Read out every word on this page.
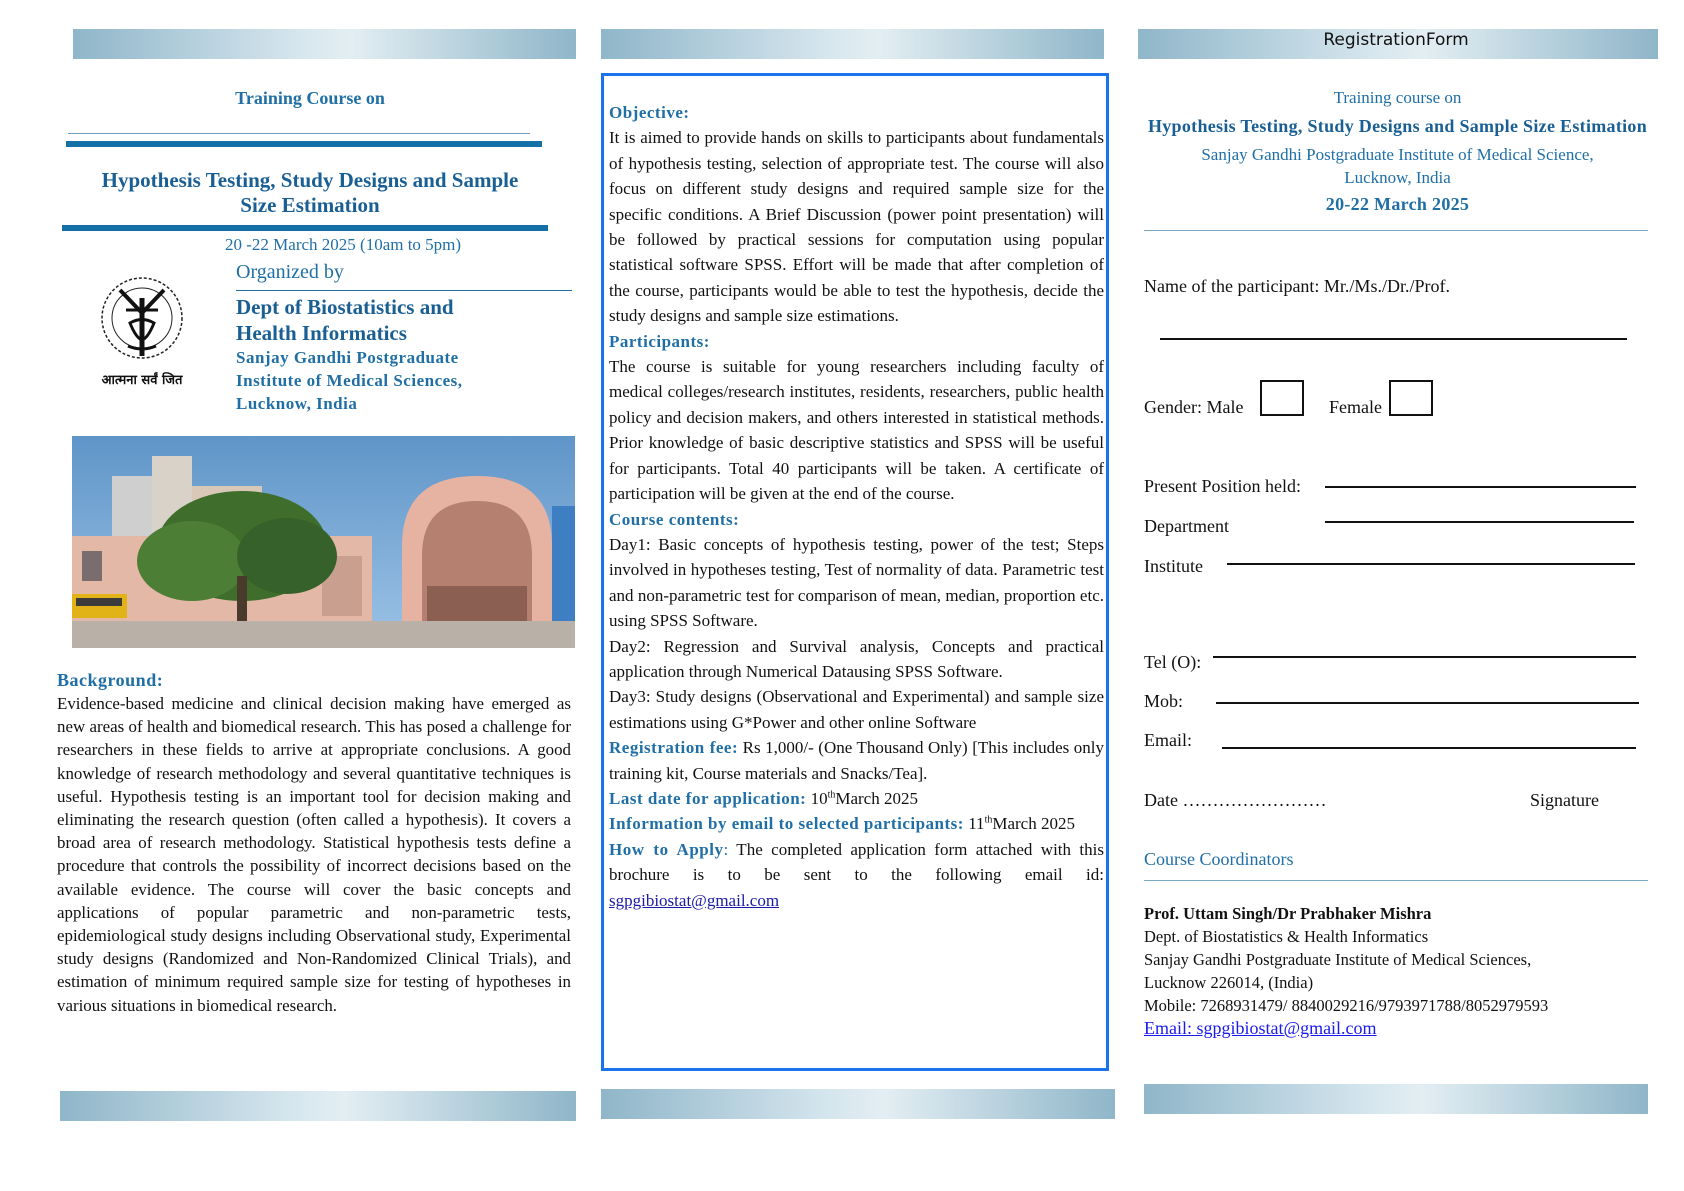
Training Course on
Hypothesis Testing, Study Designs and Sample
Size Estimation
20 -22 March 2025 (10am to 5pm)
Organized by
Dept of Biostatistics and
Health Informatics
Sanjay Gandhi Postgraduate
Institute of Medical Sciences,
Lucknow, India
आत्मना सर्वं जित
Background:
Evidence-based medicine and clinical decision making have emerged as new areas of health and biomedical research. This has posed a challenge for researchers in these fields to arrive at appropriate conclusions. A good knowledge of research methodology and several quantitative techniques is useful. Hypothesis testing is an important tool for decision making and eliminating the research question (often called a hypothesis). It covers a broad area of research methodology. Statistical hypothesis tests define a procedure that controls the possibility of incorrect decisions based on the available evidence. The course will cover the basic concepts and applications of popular parametric and non-parametric tests, epidemiological study designs including Observational study, Experimental study designs (Randomized and Non-Randomized Clinical Trials), and estimation of minimum required sample size for testing of hypotheses in various situations in biomedical research.

Objective:

It is aimed to provide hands on skills to participants about fundamentals of hypothesis testing, selection of appropriate test. The course will also focus on different study designs and required sample size for the specific conditions. A Brief Discussion (power point presentation) will be followed by practical sessions for computation using popular statistical software SPSS. Effort will be made that after completion of the course, participants would be able to test the hypothesis, decide the study designs and sample size estimations.

Participants:

The course is suitable for young researchers including faculty of medical colleges/research institutes, residents, researchers, public health policy and decision makers, and others interested in statistical methods. Prior knowledge of basic descriptive statistics and SPSS will be useful for participants. Total 40 participants will be taken. A certificate of participation will be given at the end of the course.

Course contents:

Day1: Basic concepts of hypothesis testing, power of the test; Steps involved in hypotheses testing, Test of normality of data. Parametric test and non-parametric test for comparison of mean, median, proportion etc. using SPSS Software.

Day2: Regression and Survival analysis, Concepts and practical application through Numerical Datausing SPSS Software.

Day3: Study designs (Observational and Experimental) and sample size estimations using G*Power and other online Software

Registration fee: Rs 1,000/- (One Thousand Only) [This includes only training kit, Course materials and Snacks/Tea].

Last date for application: 10thMarch 2025

Information by email to selected participants: 11thMarch 2025

How to Apply: The completed application form attached with this brochure is to be sent to the following email id: sgpgibiostat@gmail.com

RegistrationForm
Training course on
Hypothesis Testing, Study Designs and Sample Size Estimation
Sanjay Gandhi Postgraduate Institute of Medical Science,
Lucknow, India
20-22 March 2025
Name of the participant: Mr./Ms./Dr./Prof.
Gender: Male	Female
Present Position held:
Department
Institute
Tel (O):
Mob:
Email:
Date ……………………	Signature
Course Coordinators
Prof. Uttam Singh/Dr Prabhaker Mishra
Dept. of Biostatistics & Health Informatics
Sanjay Gandhi Postgraduate Institute of Medical Sciences,
Lucknow 226014, (India)
Mobile: 7268931479/ 8840029216/9793971788/8052979593
Email: sgpgibiostat@gmail.com
